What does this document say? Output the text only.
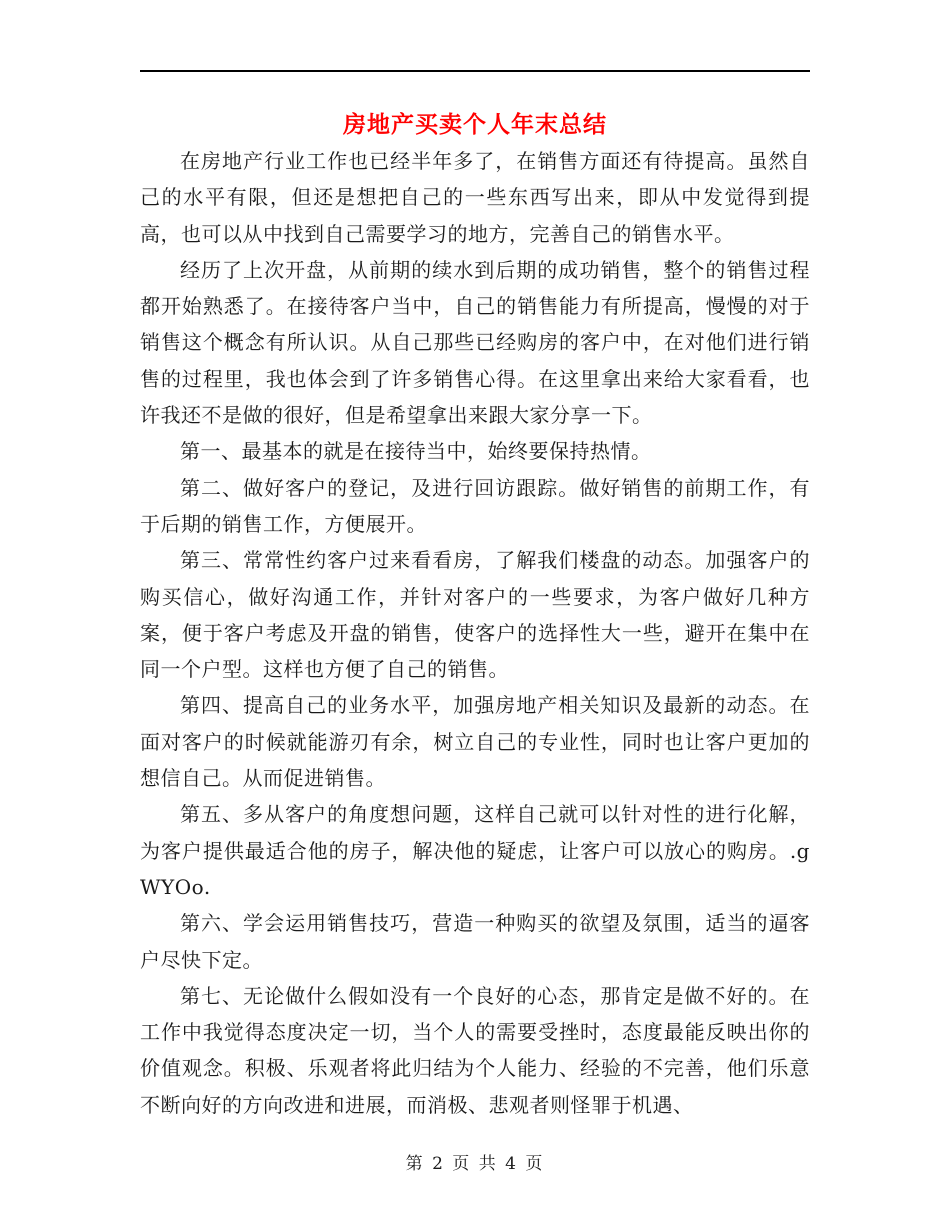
房地产买卖个人年末总结

在房地产行业工作也已经半年多了，在销售方面还有待提高。虽然自己的水平有限，但还是想把自己的一些东西写出来，即从中发觉得到提高，也可以从中找到自己需要学习的地方，完善自己的销售水平。

经历了上次开盘，从前期的续水到后期的成功销售，整个的销售过程都开始熟悉了。在接待客户当中，自己的销售能力有所提高，慢慢的对于销售这个概念有所认识。从自己那些已经购房的客户中，在对他们进行销售的过程里，我也体会到了许多销售心得。在这里拿出来给大家看看，也许我还不是做的很好，但是希望拿出来跟大家分享一下。

第一、最基本的就是在接待当中，始终要保持热情。

第二、做好客户的登记，及进行回访跟踪。做好销售的前期工作，有于后期的销售工作，方便展开。

第三、常常性约客户过来看看房，了解我们楼盘的动态。加强客户的购买信心，做好沟通工作，并针对客户的一些要求，为客户做好几种方案，便于客户考虑及开盘的销售，使客户的选择性大一些，避开在集中在同一个户型。这样也方便了自己的销售。

第四、提高自己的业务水平，加强房地产相关知识及最新的动态。在面对客户的时候就能游刃有余，树立自己的专业性，同时也让客户更加的想信自己。从而促进销售。

第五、多从客户的角度想问题，这样自己就可以针对性的进行化解，为客户提供最适合他的房子，解决他的疑虑，让客户可以放心的购房。.gWYOo.

第六、学会运用销售技巧，营造一种购买的欲望及氛围，适当的逼客户尽快下定。

第七、无论做什么假如没有一个良好的心态，那肯定是做不好的。在工作中我觉得态度决定一切，当个人的需要受挫时，态度最能反映出你的价值观念。积极、乐观者将此归结为个人能力、经验的不完善，他们乐意不断向好的方向改进和进展，而消极、悲观者则怪罪于机遇、

第 2 页 共 4 页
